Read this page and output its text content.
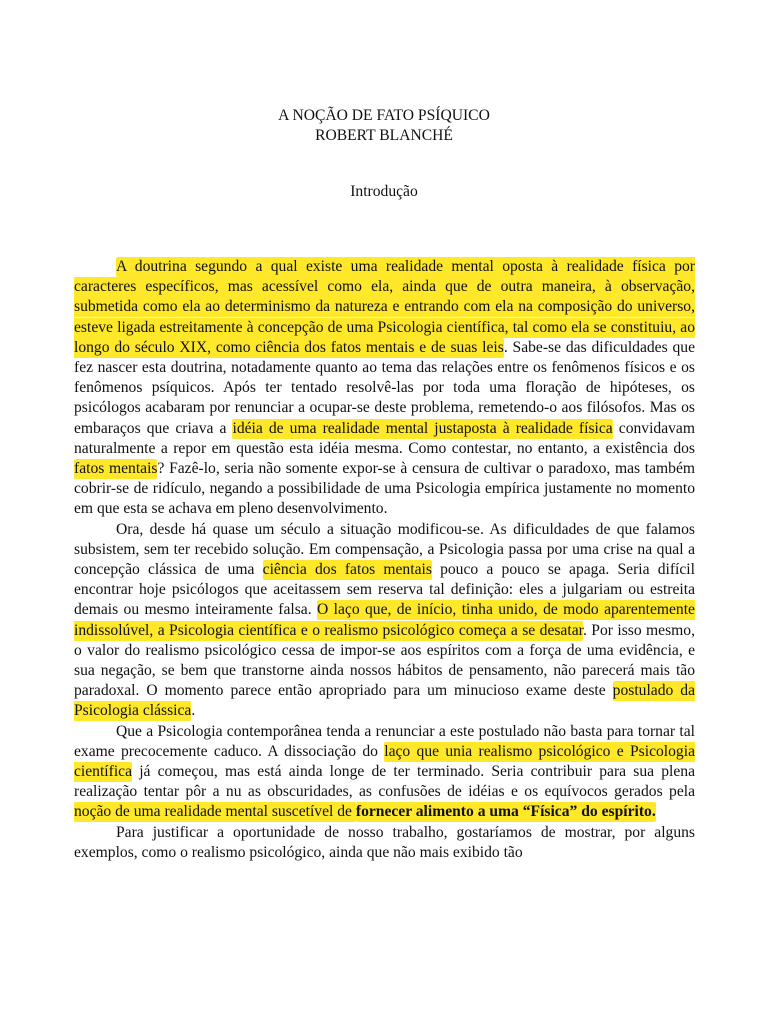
A NOÇÃO DE FATO PSÍQUICO
ROBERT BLANCHÉ
Introdução

A doutrina segundo a qual existe uma realidade mental oposta à realidade física por caracteres específicos, mas acessível como ela, ainda que de outra maneira, à observação, submetida como ela ao determinismo da natureza e entrando com ela na composição do universo, esteve ligada estreitamente à concepção de uma Psicologia científica, tal como ela se constituiu, ao longo do século XIX, como ciência dos fatos mentais e de suas leis. Sabe-se das dificuldades que fez nascer esta doutrina, notadamente quanto ao tema das relações entre os fenômenos físicos e os fenômenos psíquicos. Após ter tentado resolvê-las por toda uma floração de hipóteses, os psicólogos acabaram por renunciar a ocupar-se deste problema, remetendo-o aos filósofos. Mas os embaraços que criava a idéia de uma realidade mental justaposta à realidade física convidavam naturalmente a repor em questão esta idéia mesma. Como contestar, no entanto, a existência dos fatos mentais? Fazê-lo, seria não somente expor-se à censura de cultivar o paradoxo, mas também cobrir-se de ridículo, negando a possibilidade de uma Psicologia empírica justamente no momento em que esta se achava em pleno desenvolvimento.

Ora, desde há quase um século a situação modificou-se. As dificuldades de que falamos subsistem, sem ter recebido solução. Em compensação, a Psicologia passa por uma crise na qual a concepção clássica de uma ciência dos fatos mentais pouco a pouco se apaga. Seria difícil encontrar hoje psicólogos que aceitassem sem reserva tal definição: eles a julgariam ou estreita demais ou mesmo inteiramente falsa. O laço que, de início, tinha unido, de modo aparentemente indissolúvel, a Psicologia científica e o realismo psicológico começa a se desatar. Por isso mesmo, o valor do realismo psicológico cessa de impor-se aos espíritos com a força de uma evidência, e sua negação, se bem que transtorne ainda nossos hábitos de pensamento, não parecerá mais tão paradoxal. O momento parece então apropriado para um minucioso exame deste postulado da Psicologia clássica.

Que a Psicologia contemporânea tenda a renunciar a este postulado não basta para tornar tal exame precocemente caduco. A dissociação do laço que unia realismo psicológico e Psicologia científica já começou, mas está ainda longe de ter terminado. Seria contribuir para sua plena realização tentar pôr a nu as obscuridades, as confusões de idéias e os equívocos gerados pela noção de uma realidade mental suscetível de fornecer alimento a uma “Física” do espírito.

Para justificar a oportunidade de nosso trabalho, gostaríamos de mostrar, por alguns exemplos, como o realismo psicológico, ainda que não mais exibido tão
